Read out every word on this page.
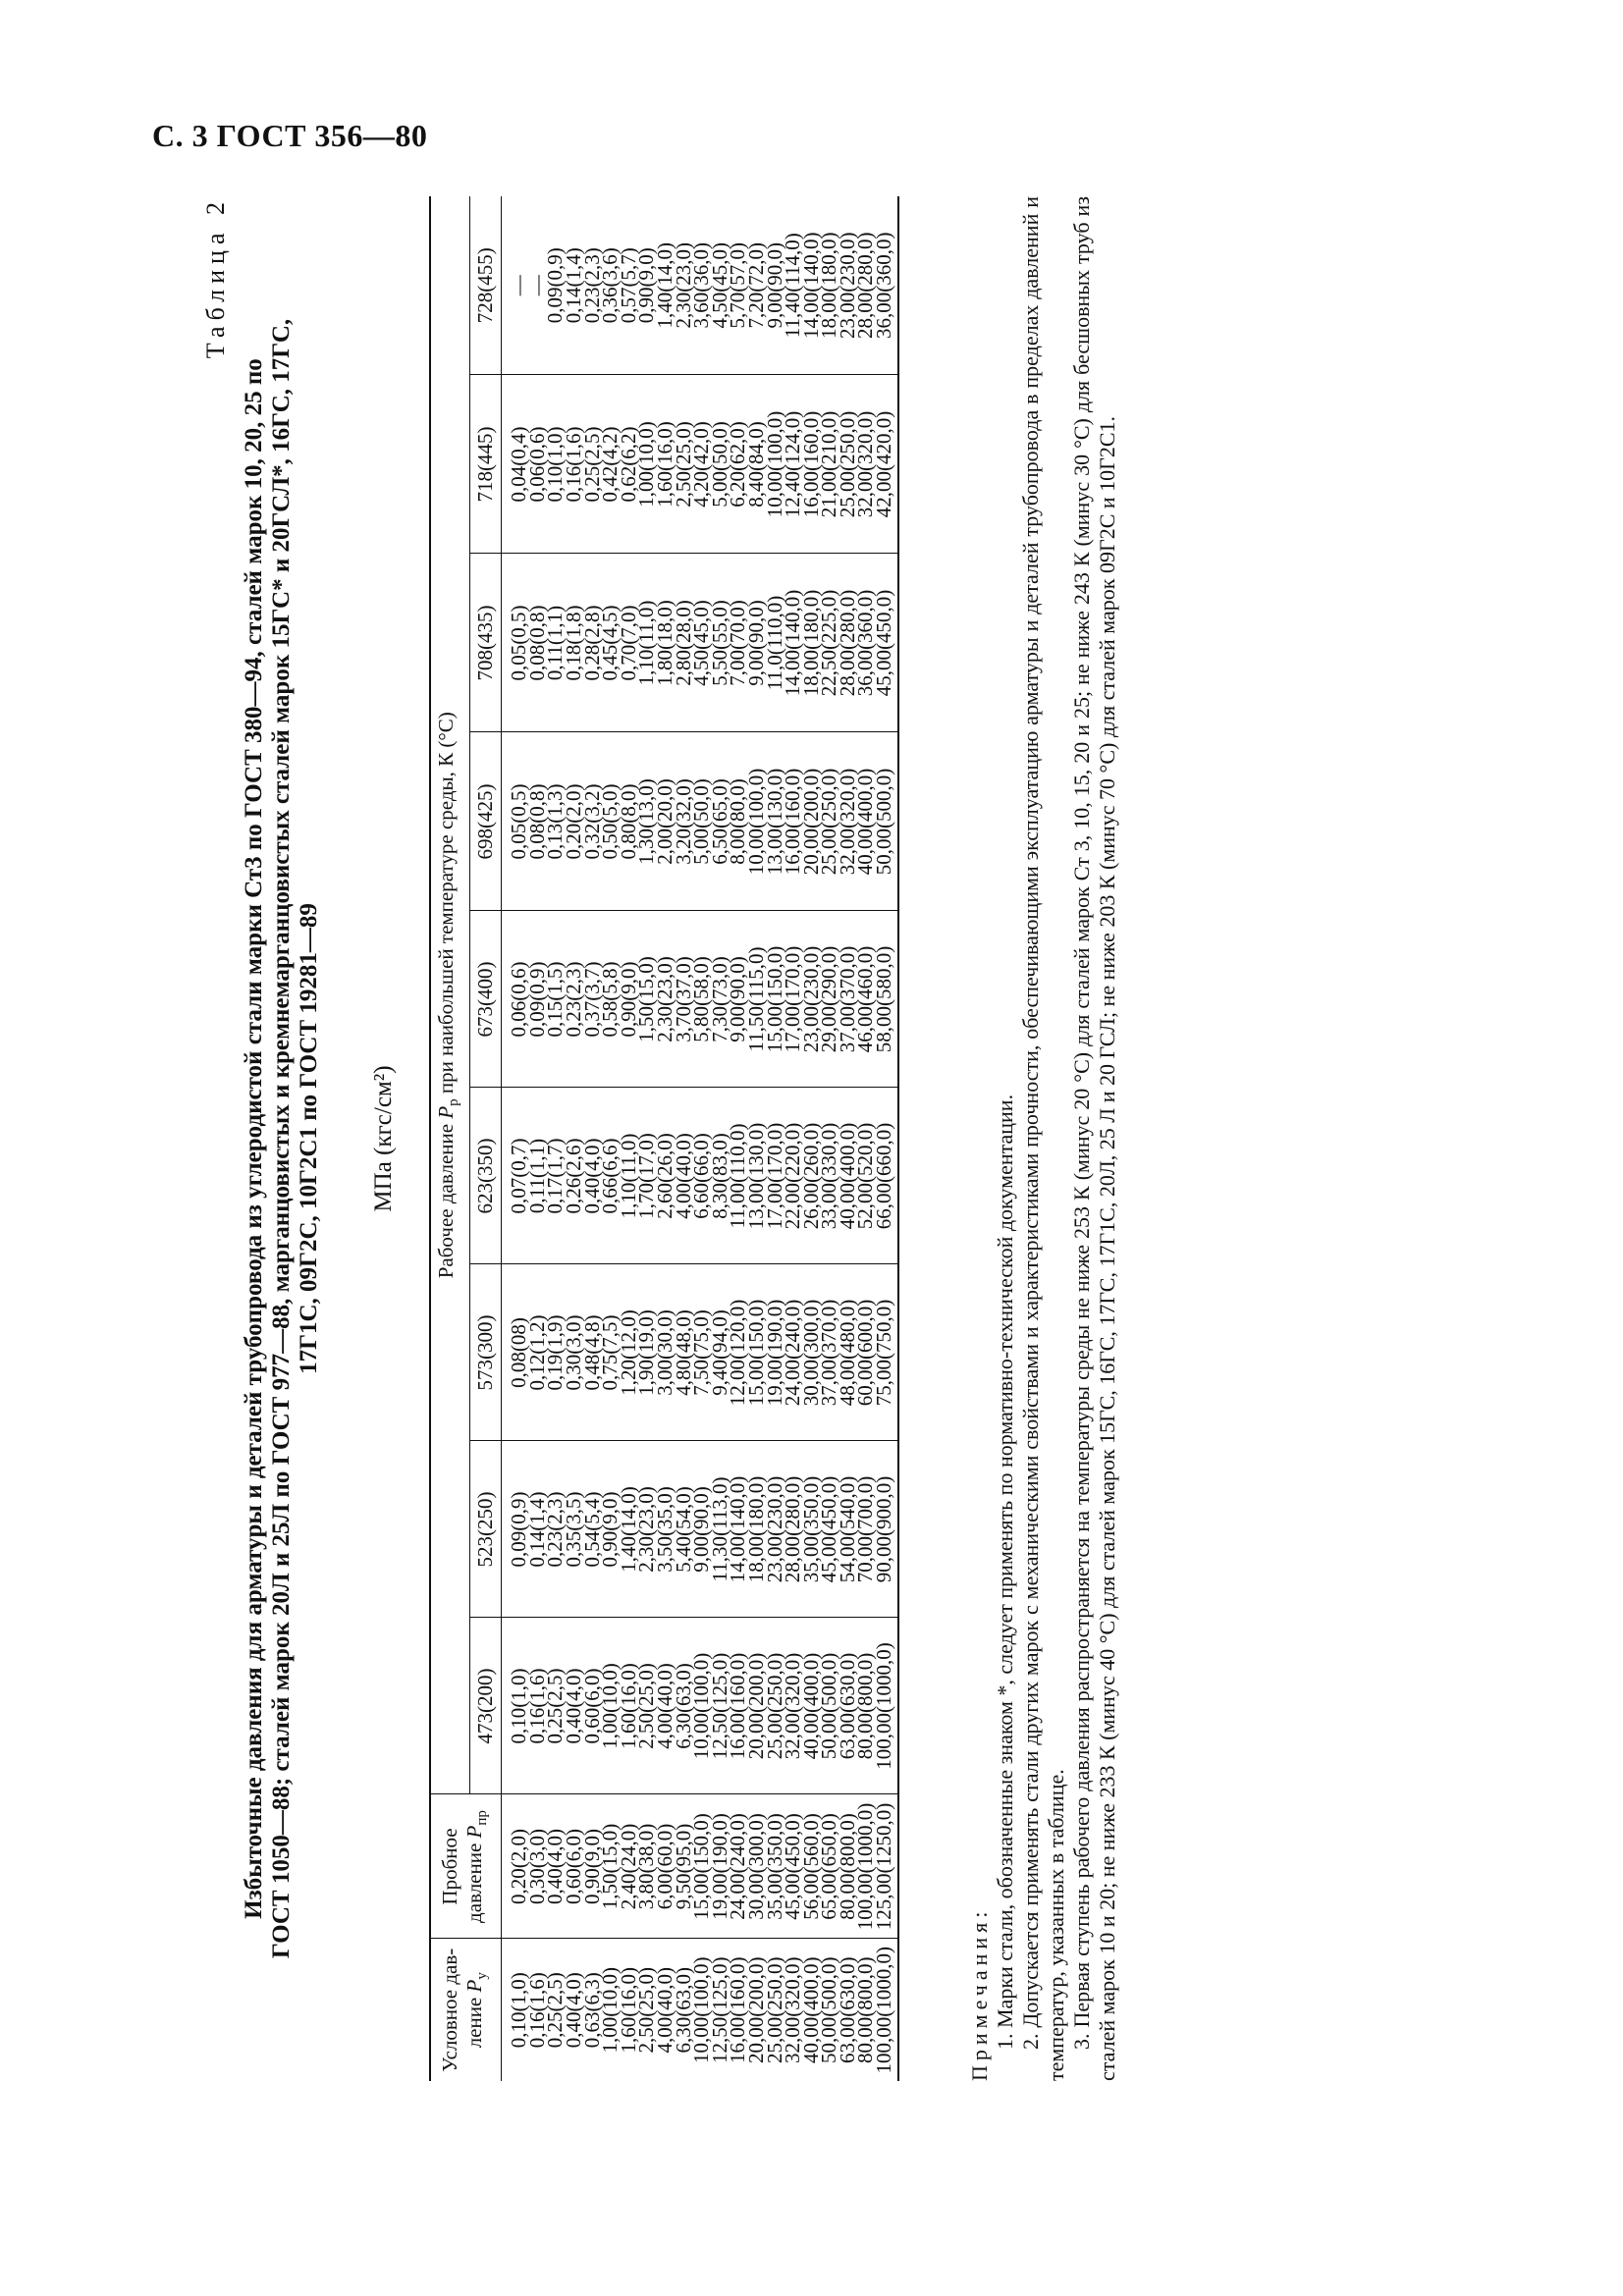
С. 3 ГОСТ 356—80
Таблица 2
Избыточные давления для арматуры и деталей трубопровода из углеродистой стали марки Ст3 по ГОСТ 380—94, сталей марок 10, 20, 25 по ГОСТ 1050—88; сталей марок 20Л и 25Л по ГОСТ 977—88, марганцовистых и кремнемарганцовистых сталей марок 15ГС* и 20ГСЛ*, 16ГС, 17ГС, 17Г1С, 09Г2С, 10Г2С1 по ГОСТ 19281—89 МПа (кгс/см²)
Условное дав-ление $P_у$	Пробное давление $P_{пр}$	Рабочее давление $P_р$ при наибольшей температуре среды, К (°С)								
		473(200)	523(250)	573(300)	623(350)	673(400)	698(425)	708(435)	718(445)	728(455)
0,10(1,0)	0,20(2,0)	0,10(1,0)	0,09(0,9)	0,08(08)	0,07(0,7)	0,06(0,6)	0,05(0,5)	0,05(0,5)	0,04(0,4)	—
0,16(1,6)	0,30(3,0)	0,16(1,6)	0,14(1,4)	0,12(1,2)	0,11(1,1)	0,09(0,9)	0,08(0,8)	0,08(0,8)	0,06(0,6)	—
0,25(2,5)	0,40(4,0)	0,25(2,5)	0,23(2,3)	0,19(1,9)	0,17(1,7)	0,15(1,5)	0,13(1,3)	0,11(1,1)	0,10(1,0)	0,09(0,9)
0,40(4,0)	0,60(6,0)	0,40(4,0)	0,35(3,5)	0,30(3,0)	0,26(2,6)	0,23(2,3)	0,20(2,0)	0,18(1,8)	0,16(1,6)	0,14(1,4)
0,63(6,3)	0,90(9,0)	0,60(6,0)	0,54(5,4)	0,48(4,8)	0,40(4,0)	0,37(3,7)	0,32(3,2)	0,28(2,8)	0,25(2,5)	0,23(2,3)
1,00(10,0)	1,50(15,0)	1,00(10,0)	0,90(9,0)	0,75(7,5)	0,66(6,6)	0,58(5,8)	0,50(5,0)	0,45(4,5)	0,42(4,2)	0,36(3,6)
1,60(16,0)	2,40(24,0)	1,60(16,0)	1,40(14,0)	1,20(12,0)	1,10(11,0)	0,90(9,0)	0,80(8,0)	0,70(7,0)	0,62(6,2)	0,57(5,7)
2,50(25,0)	3,80(38,0)	2,50(25,0)	2,30(23,0)	1,90(19,0)	1,70(17,0)	1,50(15,0)	1,30(13,0)	1,10(11,0)	1,00(10,0)	0,90(9,0)
4,00(40,0)	6,00(60,0)	4,00(40,0)	3,50(35,0)	3,00(30,0)	2,60(26,0)	2,30(23,0)	2,00(20,0)	1,80(18,0)	1,60(16,0)	1,40(14,0)
6,30(63,0)	9,50(95,0)	6,30(63,0)	5,40(54,0)	4,80(48,0)	4,00(40,0)	3,70(37,0)	3,20(32,0)	2,80(28,0)	2,50(25,0)	2,30(23,0)
10,00(100,0)	15,00(150,0)	10,00(100,0)	9,00(90,0)	7,50(75,0)	6,60(66,0)	5,80(58,0)	5,00(50,0)	4,50(45,0)	4,20(42,0)	3,60(36,0)
12,50(125,0)	19,00(190,0)	12,50(125,0)	11,30(113,0)	9,40(94,0)	8,30(83,0)	7,30(73,0)	6,50(65,0)	5,50(55,0)	5,00(50,0)	4,50(45,0)
16,00(160,0)	24,00(240,0)	16,00(160,0)	14,00(140,0)	12,00(120,0)	11,00(110,0)	9,00(90,0)	8,00(80,0)	7,00(70,0)	6,20(62,0)	5,70(57,0)
20,00(200,0)	30,00(300,0)	20,00(200,0)	18,00(180,0)	15,00(150,0)	13,00(130,0)	11,50(115,0)	10,00(100,0)	9,00(90,0)	8,40(84,0)	7,20(72,0)
25,00(250,0)	35,00(350,0)	25,00(250,0)	23,00(230,0)	19,00(190,0)	17,00(170,0)	15,00(150,0)	13,00(130,0)	11,0(110,0)	10,00(100,0)	9,00(90,0)
32,00(320,0)	45,00(450,0)	32,00(320,0)	28,00(280,0)	24,00(240,0)	22,00(220,0)	17,00(170,0)	16,00(160,0)	14,00(140,0)	12,40(124,0)	11,40(114,0)
40,00(400,0)	56,00(560,0)	40,00(400,0)	35,00(350,0)	30,00(300,0)	26,00(260,0)	23,00(230,0)	20,00(200,0)	18,00(180,0)	16,00(160,0)	14,00(140,0)
50,00(500,0)	65,00(650,0)	50,00(500,0)	45,00(450,0)	37,00(370,0)	33,00(330,0)	29,00(290,0)	25,00(250,0)	22,50(225,0)	21,00(210,0)	18,00(180,0)
63,00(630,0)	80,00(800,0)	63,00(630,0)	54,00(540,0)	48,00(480,0)	40,00(400,0)	37,00(370,0)	32,00(320,0)	28,00(280,0)	25,00(250,0)	23,00(230,0)
80,00(800,0)	100,00(1000,0)	80,00(800,0)	70,00(700,0)	60,00(600,0)	52,00(520,0)	46,00(460,0)	40,00(400,0)	36,00(360,0)	32,00(320,0)	28,00(280,0)
100,00(1000,0)	125,00(1250,0)	100,00(1000,0)	90,00(900,0)	75,00(750,0)	66,00(660,0)	58,00(580,0)	50,00(500,0)	45,00(450,0)	42,00(420,0)	36,00(360,0)

Примечания: 1. Марки стали, обозначенные знаком *, следует применять по нормативно-технической документации. 2. Допускается применять стали других марок с механическими свойствами и характеристиками прочности, обеспечивающими эксплуатацию арматуры и деталей трубопровода в пределах давлений и температур, указанных в таблице. 3. Первая ступень рабочего давления распространяется на температуры среды не ниже 253 К (минус 20 °С) для сталей марок Ст 3, 10, 15, 20 и 25; не ниже 243 К (минус 30 °С) для бесшовных труб из сталей марок 10 и 20; не ниже 233 К (минус 40 °С) для сталей марок 15ГС, 16ГС, 17ГС, 17Г1С, 20Л, 25 Л и 20 ГСЛ; не ниже 203 К (минус 70 °С) для сталей марок 09Г2С и 10Г2С1.
